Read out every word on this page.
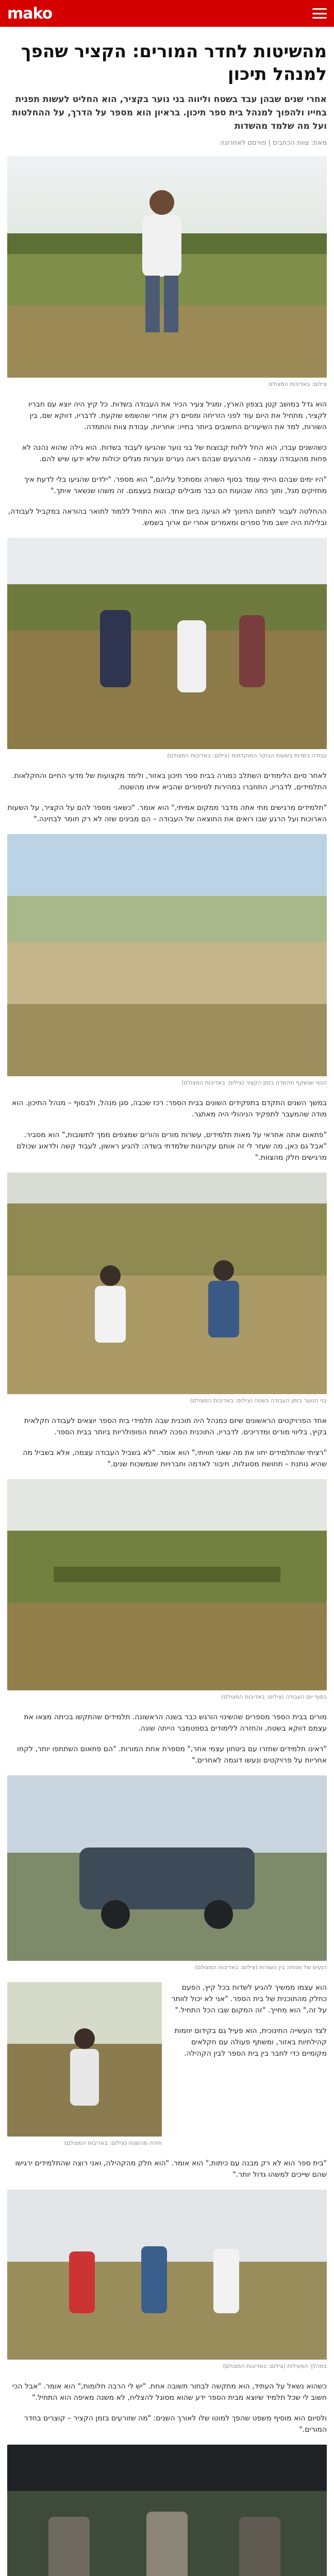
mako
מהשיטות לחדר המורים: הקציר שהפך למנהל תיכון

אחרי שנים שבהן עבד בשטח וליווה בני נוער בקציר, הוא החליט לעשות תפנית בחייו ולהפוך למנהל בית ספר תיכון. בראיון הוא מספר על הדרך, על ההחלטות ועל מה שלמד מהשדות

מאת: צוות הכתבים | פורסם לאחרונה

צילום: באדיבות המצולם

הוא גדל במושב קטן בצפון הארץ, ומגיל צעיר הכיר את העבודה בשדות. כל קיץ היה יוצא עם חבריו לקציר, מתחיל את היום עוד לפני הזריחה ומסיים רק אחרי שהשמש שוקעת. לדבריו, דווקא שם, בין השורות, למד את השיעורים החשובים ביותר בחייו: אחריות, עבודת צוות והתמדה.

כשהשנים עברו, הוא החל ללוות קבוצות של בני נוער שהגיעו לעבוד בשדות. הוא גילה שהוא נהנה לא פחות מהעבודה עצמה – מהרגעים שבהם ראה נערים ונערות מגלים יכולות שלא ידעו שיש להם.

"היו ימים שבהם הייתי עומד בסוף השורה ומסתכל עליהם," הוא מספר. "ילדים שהגיעו בלי לדעת איך מחזיקים מגל, ותוך כמה שבועות הם כבר מובילים קבוצות בעצמם. זה משהו שנשאר איתך."

ההחלטה לעבור לתחום החינוך לא הגיעה ביום אחד. הוא התחיל ללמוד לתואר בהוראה במקביל לעבודה, ובלילות היה יושב מול ספרים ומאמרים אחרי יום ארוך בשמש.

עבודה בשדות בשעות הבוקר המוקדמות (צילום: באדיבות המצולם)

לאחר סיום הלימודים השתלב כמורה בבית ספר תיכון באזור, ולימד מקצועות של מדעי החיים והחקלאות. התלמידים, לדבריו, התחברו במהירות לסיפורים שהביא איתו מהשטח.

"תלמידים מרגישים מתי אתה מדבר ממקום אמיתי," הוא אומר. "כשאני מספר להם על הקציר, על השעות הארוכות ועל הרגע שבו רואים את התוצאה של העבודה – הם מבינים שזה לא רק חומר לבחינה."

הנוף שנשקף מהשדה בזמן הקציר (צילום: באדיבות המצולם)

במשך השנים התקדם בתפקידים השונים בבית הספר: רכז שכבה, סגן מנהל, ולבסוף – מנהל התיכון. הוא מודה שהמעבר לתפקיד הניהולי היה מאתגר.

"פתאום אתה אחראי על מאות תלמידים, עשרות מורים והורים שמצפים ממך לתשובות," הוא מסביר. "אבל גם כאן, מה שעזר לי זה אותם עקרונות שלמדתי בשדה: להגיע ראשון, לעבוד קשה ולדאוג שכולם מרגישים חלק מהצוות."

בני הנוער בזמן העבודה בשטח (צילום: באדיבות המצולם)

אחד הפרויקטים הראשונים שיזם כמנהל היה תוכנית שבה תלמידי בית הספר יוצאים לעבודה חקלאית בקיץ, בליווי מורים ומדריכים. לדבריו, התוכנית הפכה לאחת הפופולריות ביותר בבית הספר.

"רציתי שהתלמידים יחוו את מה שאני חוויתי," הוא אומר. "לא בשביל העבודה עצמה, אלא בשביל מה שהיא נותנת – תחושת מסוגלות, חיבור לאדמה וחברויות שנמשכות שנים."

בסוף יום העבודה (צילום: באדיבות המצולם)

מורים בבית הספר מספרים שהשינוי הורגש כבר בשנה הראשונה. תלמידים שהתקשו בכיתה מצאו את עצמם דווקא בשטח, והחזרה ללימודים בספטמבר הייתה שונה.

"ראינו תלמידים שחזרו עם ביטחון עצמי אחר," מספרת אחת המורות. "הם פתאום השתתפו יותר, לקחו אחריות על פרויקטים ונעשו דוגמה לאחרים."

רגעים של מנוחה בין השורות (צילום: באדיבות המצולם)

הוא עצמו ממשיך להגיע לשדות בכל קיץ, הפעם כחלק מהתוכנית של בית הספר. "אני לא יכול לוותר על זה," הוא מחייך. "זה המקום שבו הכל התחיל."

לצד העשייה החינוכית, הוא פעיל גם בקידום יוזמות קהילתיות באזור, ומשתף פעולה עם חקלאים מקומיים כדי לחבר בין בית הספר לבין הקהילה.

חזרה מהשטח (צילום: באדיבות המצולם)

"בית ספר הוא לא רק מבנה עם כיתות," הוא אומר. "הוא חלק מהקהילה, ואני רוצה שהתלמידים ירגישו שהם שייכים למשהו גדול יותר."

במהלך הפעילות (צילום: באדיבות המצולם)

כשהוא נשאל על העתיד, הוא מתקשה לבחור תשובה אחת. "יש לי הרבה חלומות," הוא אומר. "אבל הכי חשוב לי שכל תלמיד שיוצא מבית הספר ידע שהוא מסוגל להצליח, לא משנה מאיפה הוא התחיל."

ולסיום הוא מוסיף משפט שהפך למוטו שלו לאורך השנים: "מה שזורעים בזמן הקציר – קוצרים בחדר המורים."
